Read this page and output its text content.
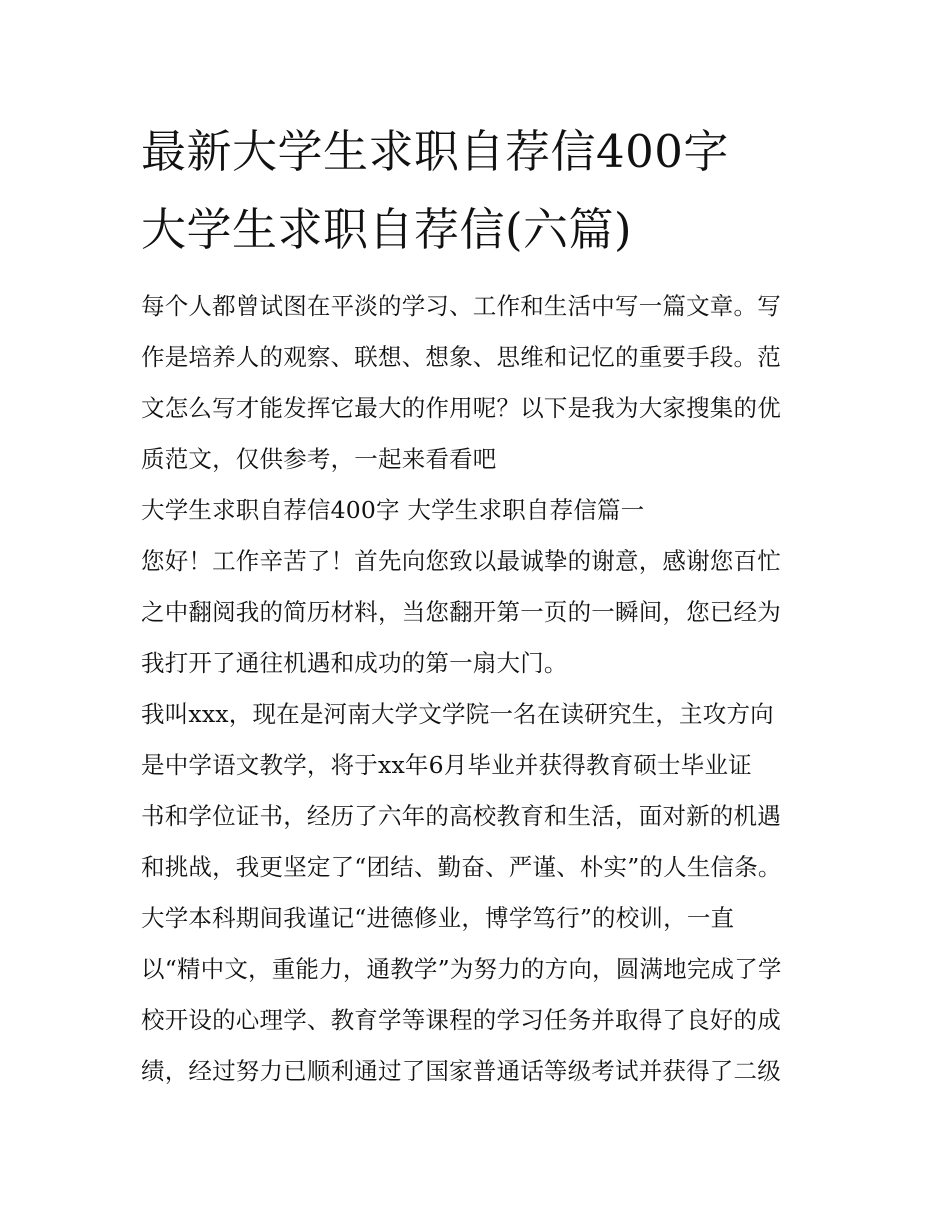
最新大学生求职自荐信400字
大学生求职自荐信(六篇)
每个人都曾试图在平淡的学习、工作和生活中写一篇文章。写
作是培养人的观察、联想、想象、思维和记忆的重要手段。范
文怎么写才能发挥它最大的作用呢？以下是我为大家搜集的优
质范文，仅供参考，一起来看看吧
大学生求职自荐信400字 大学生求职自荐信篇一
您好！工作辛苦了！首先向您致以最诚挚的谢意，感谢您百忙
之中翻阅我的简历材料，当您翻开第一页的一瞬间，您已经为
我打开了通往机遇和成功的第一扇大门。
我叫xxx，现在是河南大学文学院一名在读研究生，主攻方向
是中学语文教学，将于xx年6月毕业并获得教育硕士毕业证
书和学位证书，经历了六年的高校教育和生活，面对新的机遇
和挑战，我更坚定了“团结、勤奋、严谨、朴实”的人生信条。
大学本科期间我谨记“进德修业，博学笃行”的校训，一直
以“精中文，重能力，通教学”为努力的方向，圆满地完成了学
校开设的心理学、教育学等课程的学习任务并取得了良好的成
绩，经过努力已顺利通过了国家普通话等级考试并获得了二级
